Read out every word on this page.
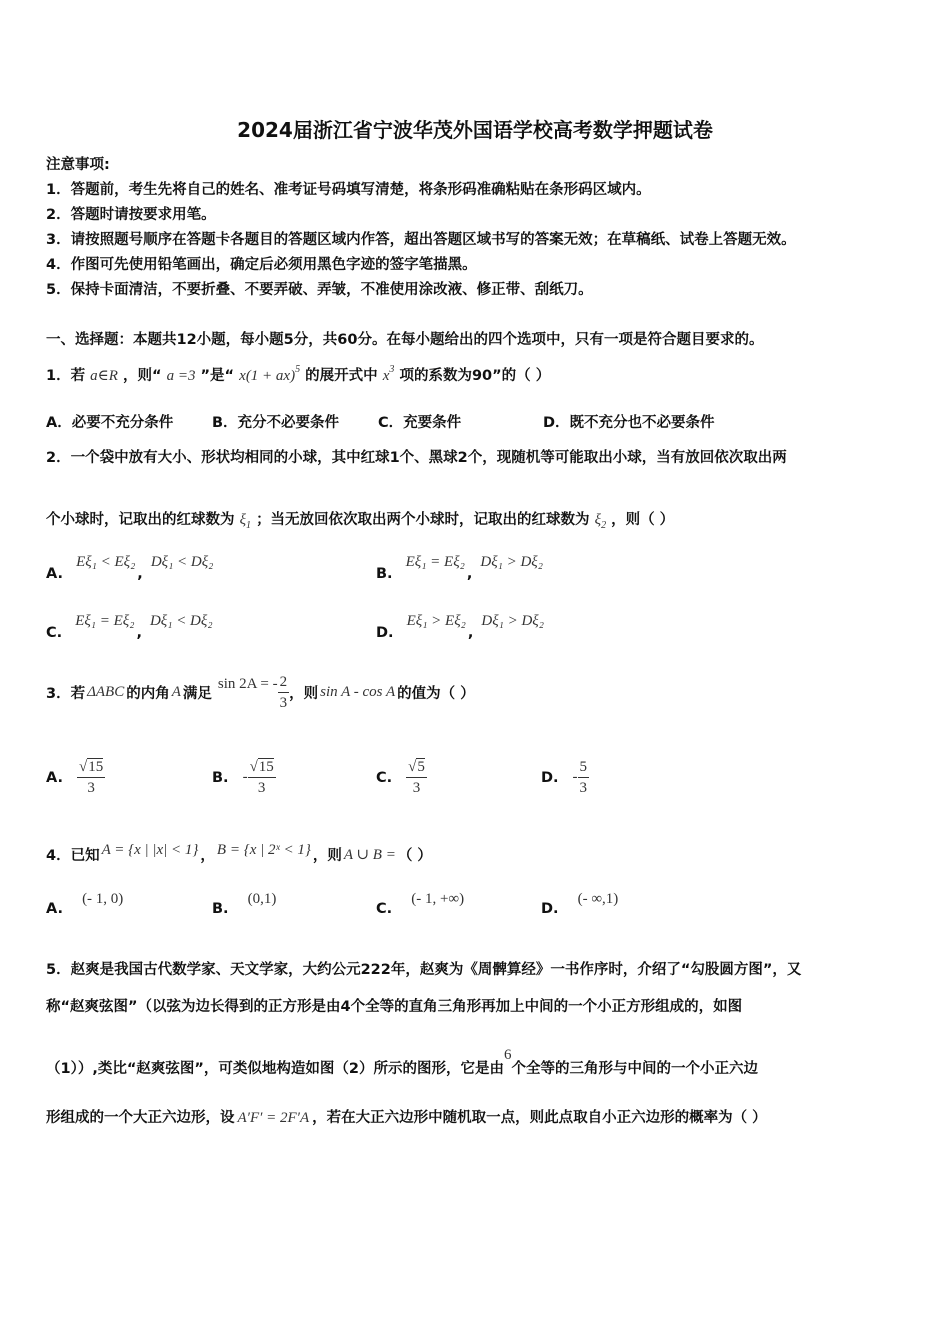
2024届浙江省宁波华茂外国语学校高考数学押题试卷
注意事项:
1．答题前，考生先将自己的姓名、准考证号码填写清楚，将条形码准确粘贴在条形码区域内。
2．答题时请按要求用笔。
3．请按照题号顺序在答题卡各题目的答题区域内作答，超出答题区域书写的答案无效；在草稿纸、试卷上答题无效。
4．作图可先使用铅笔画出，确定后必须用黑色字迹的签字笔描黑。
5．保持卡面清洁，不要折叠、不要弄破、弄皱，不准使用涂改液、修正带、刮纸刀。
一、选择题：本题共12小题，每小题5分，共60分。在每小题给出的四个选项中，只有一项是符合题目要求的。
1．若 a∈R ，则“ a =3 ”是“ x(1 + ax)$^5$ 的展开式中 $x^3$ 项的系数为90”的（ ）
A．必要不充分条件	B．充分不必要条件	C．充要条件	D．既不充分也不必要条件
2．一个袋中放有大小、形状均相同的小球，其中红球1个、黑球2个，现随机等可能取出小球，当有放回依次取出两
个小球时，记取出的红球数为 $\xi_1$ ；当无放回依次取出两个小球时，记取出的红球数为 $\xi_2$ ，则（ ）
A. Eξ₁ < Eξ₂,Dξ₁ < Dξ₂
B. Eξ₁ = Eξ₂,Dξ₁ > Dξ₂
C. Eξ₁ = Eξ₂,Dξ₁ < Dξ₂
D. Eξ₁ > Eξ₂,Dξ₁ > Dξ₂
3．若 ΔABC 的内角 A 满足
sin 2A = - $\frac{2}{3}$ ，则 sin A - cos A 的值为（ ）
A. $\frac{√15}{3}$	B. - $\frac{√15}{3}$	C. $\frac{√5}{3}$	D. - $\frac{5}{3}$
4．已知 A = {x | |x| < 1} ， B = {x | 2ˣ < 1} ，则 A ∪ B = （ ）
A. (- 1, 0)
B. (0,1)
C. (- 1, +∞)
D. (- ∞,1)
5．赵爽是我国古代数学家、天文学家，大约公元222年，赵爽为《周髀算经》一书作序时，介绍了“勾股圆方图”，又
称“赵爽弦图”（以弦为边长得到的正方形是由4个全等的直角三角形再加上中间的一个小正方形组成的，如图
（1））,类比“赵爽弦图”，可类似地构造如图（2）所示的图形，它是由6个全等的三角形与中间的一个小正六边
形组成的一个大正六边形，设 A′F′ = 2F′A ，若在大正六边形中随机取一点，则此点取自小正六边形的概率为（ ）
